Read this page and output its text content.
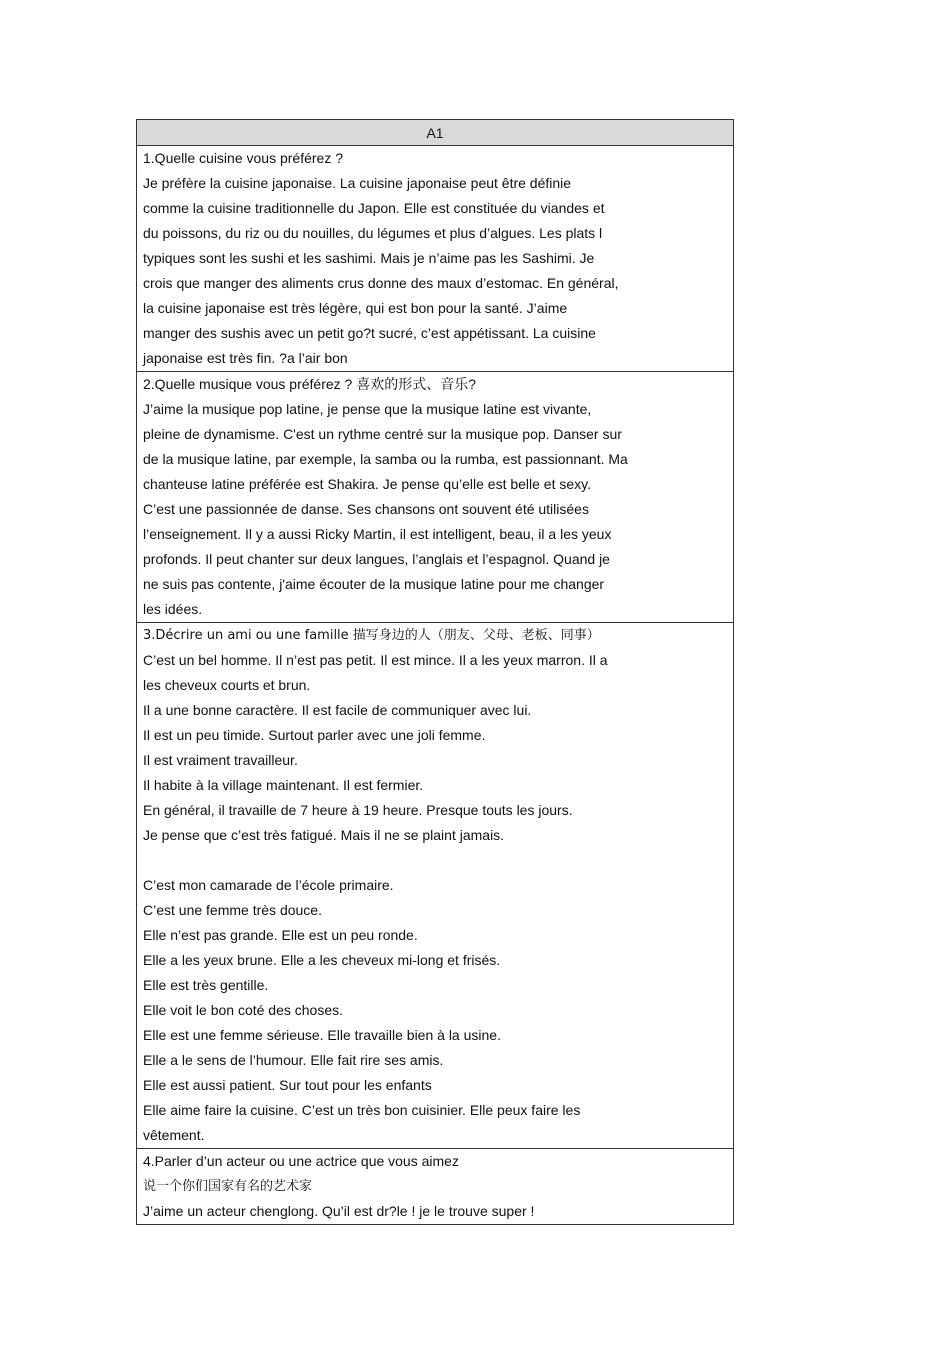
A1
1.Quelle cuisine vous préférez ?
Je préfère la cuisine japonaise. La cuisine japonaise peut être définie
comme la cuisine traditionnelle du Japon. Elle est constituée du viandes et
du poissons, du riz ou du nouilles, du légumes et plus d’algues. Les plats l
typiques sont les sushi et les sashimi. Mais je n’aime pas les Sashimi. Je
crois que manger des aliments crus donne des maux d’estomac. En général,
la cuisine japonaise est très légère, qui est bon pour la santé. J’aime
manger des sushis avec un petit go?t sucré, c’est appétissant. La cuisine
japonaise est très fin. ?a l’air bon
2.Quelle musique vous préférez ? 喜欢的形式、音乐?
J’aime la musique pop latine, je pense que la musique latine est vivante,
pleine de dynamisme. C'est un rythme centré sur la musique pop. Danser sur
de la musique latine, par exemple, la samba ou la rumba, est passionnant. Ma
chanteuse latine préférée est Shakira. Je pense qu’elle est belle et sexy.
C’est une passionnée de danse. Ses chansons ont souvent été utilisées
l’enseignement. Il y a aussi Ricky Martin, il est intelligent, beau, il a les yeux
profonds. Il peut chanter sur deux langues, l’anglais et l’espagnol. Quand je
ne suis pas contente, j'aime écouter de la musique latine pour me changer
les idées.
3.Décrire un ami ou une famille 描写身边的人（朋友、父母、老板、同事）
C’est un bel homme. Il n’est pas petit. Il est mince. Il a les yeux marron. Il a
les cheveux courts et brun.
Il a une bonne caractère. Il est facile de communiquer avec lui.
Il est un peu timide. Surtout parler avec une joli femme.
Il est vraiment travailleur.
Il habite à la village maintenant. Il est fermier.
En général, il travaille de 7 heure à 19 heure. Presque touts les jours.
Je pense que c’est très fatigué. Mais il ne se plaint jamais.
C’est mon camarade de l’école primaire.
C’est une femme très douce.
Elle n’est pas grande. Elle est un peu ronde.
Elle a les yeux brune. Elle a les cheveux mi-long et frisés.
Elle est très gentille.
Elle voit le bon coté des choses.
Elle est une femme sérieuse. Elle travaille bien à la usine.
Elle a le sens de l’humour. Elle fait rire ses amis.
Elle est aussi patient. Sur tout pour les enfants
Elle aime faire la cuisine. C’est un très bon cuisinier. Elle peux faire les
vêtement.
4.Parler d’un acteur ou une actrice que vous aimez
说一个你们国家有名的艺术家
J’aime un acteur chenglong. Qu’il est dr?le ! je le trouve super !
